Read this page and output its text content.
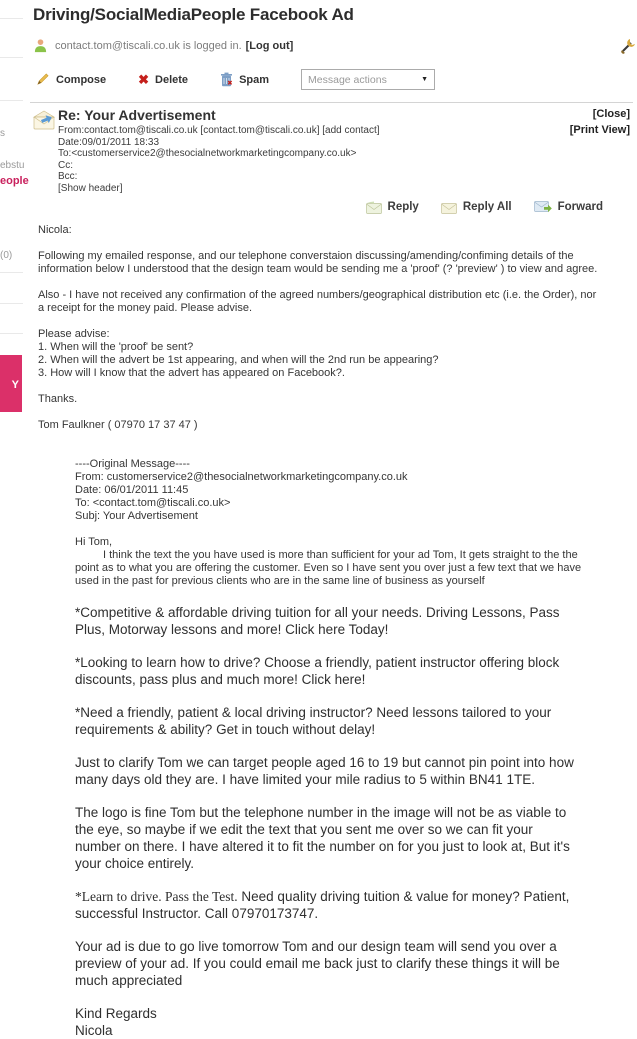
s
ebstu
eople
(0)
Y
Driving/SocialMediaPeople Facebook Ad
contact.tom@tiscali.co.uk is logged in. [Log out]
Compose ✖ Delete	Spam	Message actions	▼
Re: Your Advertisement
From:contact.tom@tiscali.co.uk [contact.tom@tiscali.co.uk] [add contact]
Date:09/01/2011 18:33
To:<customerservice2@thesocialnetworkmarketingcompany.co.uk>
Cc:
Bcc:
[Show header]
[Close]
[Print View]
Reply	Reply All	Forward

Nicola:

Following my emailed response, and our telephone converstaion discussing/amending/confiming details of the information below I understood that the design team would be sending me a 'proof' (? 'preview' ) to view and agree.

Also - I have not received any confirmation of the agreed numbers/geographical distribution etc (i.e. the Order), nor a receipt for the money paid. Please advise.

Please advise:
1. When will the 'proof' be sent?
2. When will the advert be 1st appearing, and when will the 2nd run be appearing?
3. How will I know that the advert has appeared on Facebook?.

Thanks.

Tom Faulkner ( 07970 17 37 47 )

----Original Message----
From: customerservice2@thesocialnetworkmarketingcompany.co.uk
Date: 06/01/2011 11:45
To: <contact.tom@tiscali.co.uk>
Subj: Your Advertisement
Hi Tom,
I think the text the you have used is more than sufficient for your ad Tom, It gets straight to the the point as to what you are offering the customer. Even so I have sent you over just a few text that we have used in the past for previous clients who are in the same line of business as yourself

*Competitive & affordable driving tuition for all your needs. Driving Lessons, Pass Plus, Motorway lessons and more! Click here Today!

*Looking to learn how to drive? Choose a friendly, patient instructor offering block discounts, pass plus and much more! Click here!

*Need a friendly, patient & local driving instructor? Need lessons tailored to your requirements & ability? Get in touch without delay!

Just to clarify Tom we can target people aged 16 to 19 but cannot pin point into how many days old they are. I have limited your mile radius to 5 within BN41 1TE.

The logo is fine Tom but the telephone number in the image will not be as viable to the eye, so maybe if we edit the text that you sent me over so we can fit your number on there. I have altered it to fit the number on for you just to look at, But it's your choice entirely.

*Learn to drive. Pass the Test. Need quality driving tuition & value for money? Patient, successful Instructor. Call 07970173747.

Your ad is due to go live tomorrow Tom and our design team will send you over a preview of your ad. If you could email me back just to clarify these things it will be much appreciated

Kind Regards
Nicola
